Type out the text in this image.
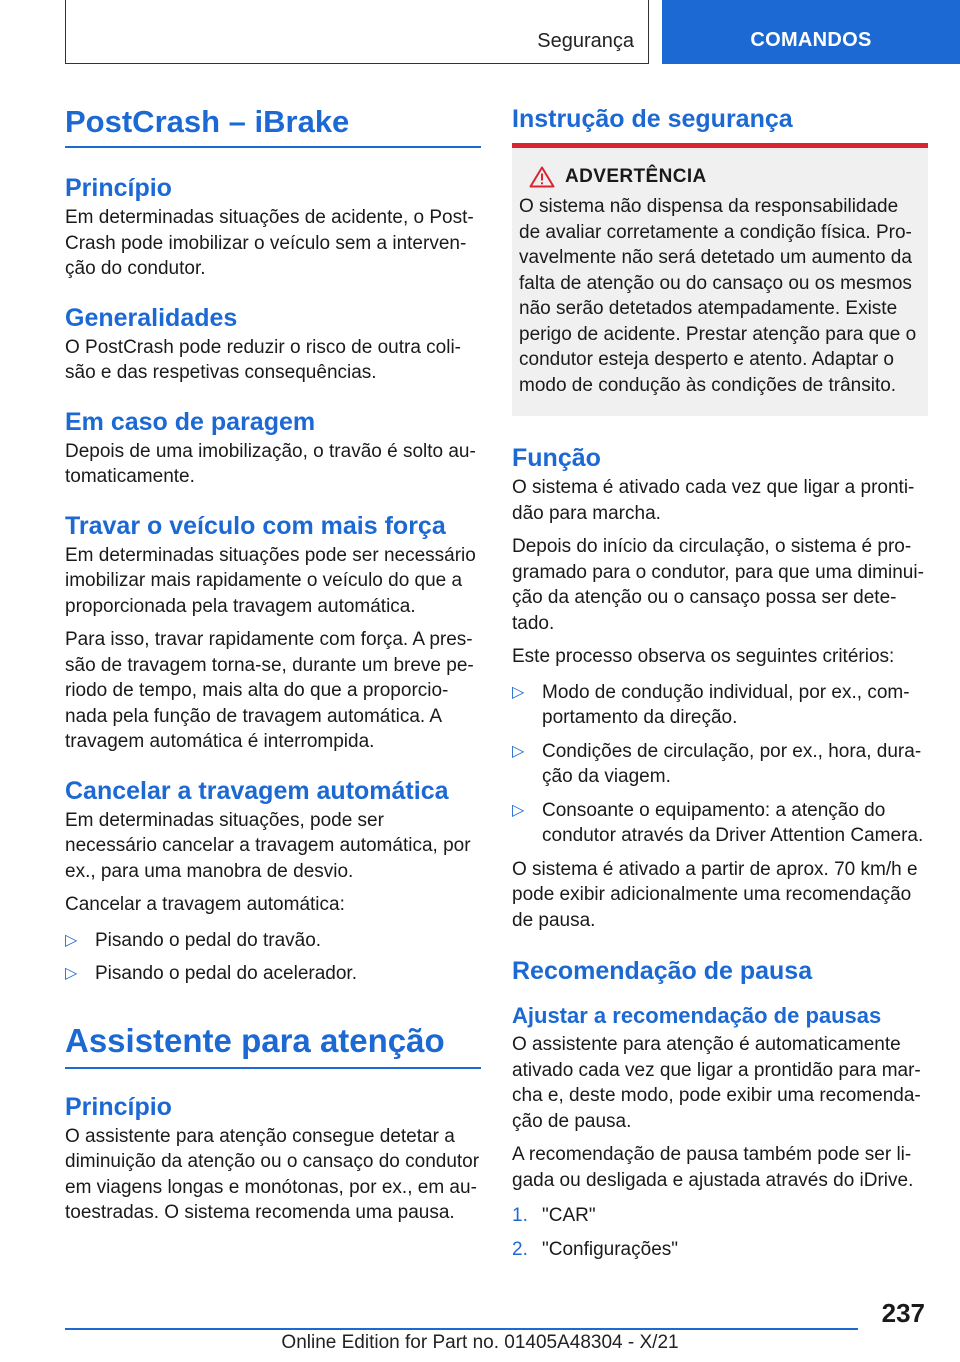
Segurança	COMANDOS
PostCrash – iBrake
Princípio

Em determinadas situações de acidente, o Post-Crash pode imobilizar o veículo sem a interven-ção do condutor.

Generalidades

O PostCrash pode reduzir o risco de outra coli-são e das respetivas consequências.

Em caso de paragem

Depois de uma imobilização, o travão é solto au-tomaticamente.

Travar o veículo com mais força

Em determinadas situações pode ser necessário imobilizar mais rapidamente o veículo do que a proporcionada pela travagem automática.

Para isso, travar rapidamente com força. A pres-são de travagem torna-se, durante um breve pe-riodo de tempo, mais alta do que a proporcio-nada pela função de travagem automática. A travagem automática é interrompida.

Cancelar a travagem automática

Em determinadas situações, pode ser necessário cancelar a travagem automática, por ex., para uma manobra de desvio.

Cancelar a travagem automática:

▷ Pisando o pedal do travão.
▷ Pisando o pedal do acelerador.
Assistente para atenção
Princípio

O assistente para atenção consegue detetar a diminuição da atenção ou o cansaço do condutor em viagens longas e monótonas, por ex., em au-toestradas. O sistema recomenda uma pausa.

Instrução de segurança
ADVERTÊNCIA

O sistema não dispensa da responsabilidade de avaliar corretamente a condição física. Pro-vavelmente não será detetado um aumento da falta de atenção ou do cansaço ou os mesmos não serão detetados atempadamente. Existe perigo de acidente. Prestar atenção para que o condutor esteja desperto e atento. Adaptar o modo de condução às condições de trânsito.

Função

O sistema é ativado cada vez que ligar a pronti-dão para marcha.

Depois do início da circulação, o sistema é pro-gramado para o condutor, para que uma diminui-ção da atenção ou o cansaço possa ser dete-tado.

Este processo observa os seguintes critérios:

▷ Modo de condução individual, por ex., com-portamento da direção.
▷ Condições de circulação, por ex., hora, dura-ção da viagem.
▷ Consoante o equipamento: a atenção do condutor através da Driver Attention Camera.

O sistema é ativado a partir de aprox. 70 km/h e pode exibir adicionalmente uma recomendação de pausa.

Recomendação de pausa
Ajustar a recomendação de pausas

O assistente para atenção é automaticamente ativado cada vez que ligar a prontidão para mar-cha e, deste modo, pode exibir uma recomenda-ção de pausa.

A recomendação de pausa também pode ser li-gada ou desligada e ajustada através do iDrive.

1. "CAR"
2. "Configurações"
237
Online Edition for Part no. 01405A48304 - X/21
